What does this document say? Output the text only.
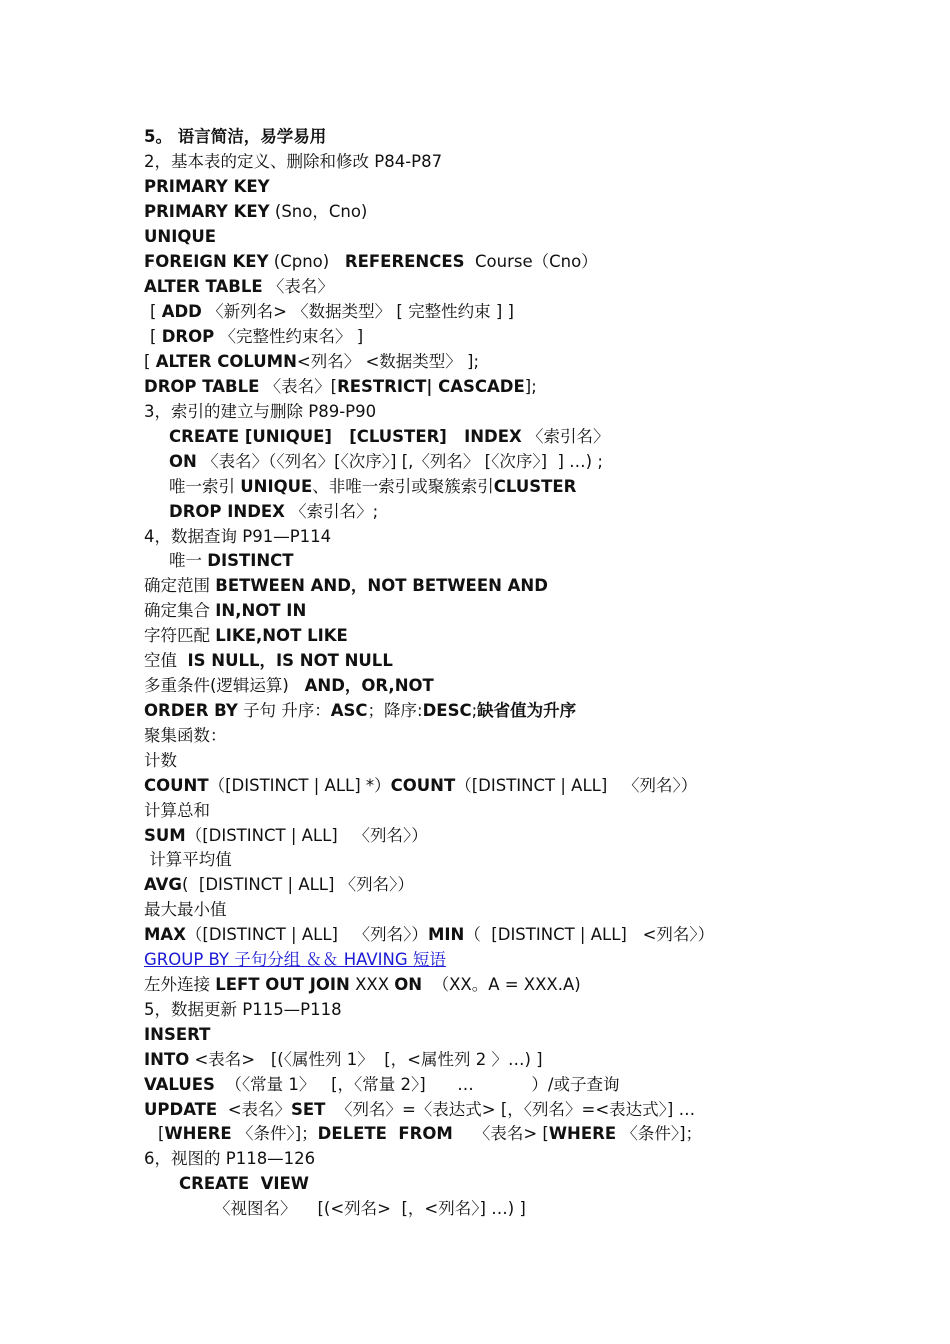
5。 语言简洁，易学易用
2，基本表的定义、删除和修改 P84-P87
PRIMARY KEY
PRIMARY KEY (Sno，Cno)
UNIQUE
FOREIGN KEY (Cpno)   REFERENCES  Course（Cno）
ALTER TABLE 〈表名〉
[ ADD 〈新列名> 〈数据类型〉 [ 完整性约束 ] ]
[ DROP 〈完整性约束名〉 ]
[ ALTER COLUMN<列名〉 <数据类型〉 ];
DROP TABLE 〈表名〉[RESTRICT| CASCADE];
3，索引的建立与删除 P89-P90
CREATE [UNIQUE]   [CLUSTER]   INDEX 〈索引名〉
ON 〈表名〉（〈列名〉[〈次序〉] [,〈列名〉 [〈次序〉]  ] …) ;
唯一索引 UNIQUE、非唯一索引或聚簇索引CLUSTER
DROP INDEX 〈索引名〉;
4，数据查询 P91—P114
唯一 DISTINCT
确定范围 BETWEEN AND，NOT BETWEEN AND
确定集合 IN,NOT IN
字符匹配 LIKE,NOT LIKE
空值  IS NULL，IS NOT NULL
多重条件(逻辑运算)   AND，OR,NOT
ORDER BY 子句 升序：ASC；降序:DESC;缺省值为升序
聚集函数：
计数
COUNT（[DISTINCT | ALL] *）COUNT（[DISTINCT | ALL]   〈列名〉）
计算总和
SUM（[DISTINCT | ALL]   〈列名〉）
计算平均值
AVG(  [DISTINCT | ALL] 〈列名〉）
最大最小值
MAX（[DISTINCT | ALL]   〈列名〉）MIN（  [DISTINCT | ALL]   <列名〉）
GROUP BY 子句分组 ＆＆ HAVING 短语
左外连接 LEFT OUT JOIN XXX ON  （XX。A = XXX.A)
5，数据更新 P115—P118
INSERT
INTO <表名>   [(〈属性列 1〉  [，<属性列 2 〉…) ]
VALUES  （〈常量 1〉   [，〈常量 2〉]      …           ）/或子查询
UPDATE  <表名〉SET  〈列名〉=〈表达式> [，〈列名〉=<表达式〉] …
[WHERE 〈条件〉]；DELETE  FROM    〈表名> [WHERE 〈条件〉]；
6，视图的 P118—126
CREATE  VIEW
〈视图名〉    [(<列名>  [，<列名〉] …) ]
